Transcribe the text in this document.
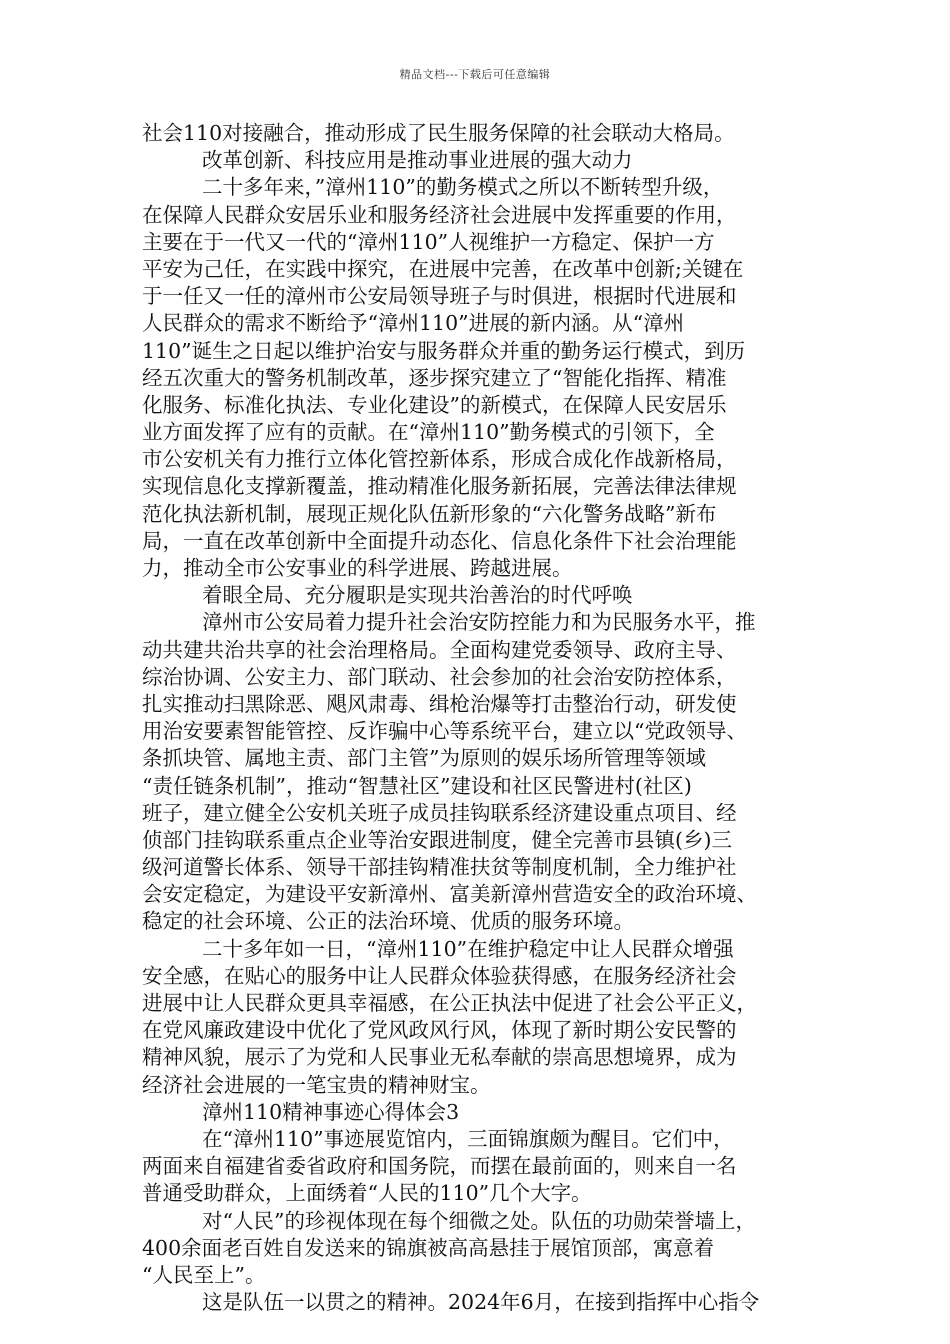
精品文档---下载后可任意编辑
社会110对接融合，推动形成了民生服务保障的社会联动大格局。
改革创新、科技应用是推动事业进展的强大动力
二十多年来，”漳州110”的勤务模式之所以不断转型升级，
在保障人民群众安居乐业和服务经济社会进展中发挥重要的作用，
主要在于一代又一代的“漳州110”人视维护一方稳定、保护一方
平安为己任，在实践中探究，在进展中完善，在改革中创新;关键在
于一任又一任的漳州市公安局领导班子与时俱进，根据时代进展和
人民群众的需求不断给予“漳州110”进展的新内涵。从“漳州
110”诞生之日起以维护治安与服务群众并重的勤务运行模式，到历
经五次重大的警务机制改革，逐步探究建立了“智能化指挥、精准
化服务、标准化执法、专业化建设”的新模式，在保障人民安居乐
业方面发挥了应有的贡献。在“漳州110”勤务模式的引领下，全
市公安机关有力推行立体化管控新体系，形成合成化作战新格局，
实现信息化支撑新覆盖，推动精准化服务新拓展，完善法律法律规
范化执法新机制，展现正规化队伍新形象的“六化警务战略”新布
局，一直在改革创新中全面提升动态化、信息化条件下社会治理能
力，推动全市公安事业的科学进展、跨越进展。
着眼全局、充分履职是实现共治善治的时代呼唤
漳州市公安局着力提升社会治安防控能力和为民服务水平，推
动共建共治共享的社会治理格局。全面构建党委领导、政府主导、
综治协调、公安主力、部门联动、社会参加的社会治安防控体系，
扎实推动扫黑除恶、飓风肃毒、缉枪治爆等打击整治行动，研发使
用治安要素智能管控、反诈骗中心等系统平台，建立以“党政领导、
条抓块管、属地主责、部门主管”为原则的娱乐场所管理等领域
“责任链条机制”，推动“智慧社区”建设和社区民警进村(社区)
班子，建立健全公安机关班子成员挂钩联系经济建设重点项目、经
侦部门挂钩联系重点企业等治安跟进制度，健全完善市县镇(乡)三
级河道警长体系、领导干部挂钩精准扶贫等制度机制，全力维护社
会安定稳定，为建设平安新漳州、富美新漳州营造安全的政治环境、
稳定的社会环境、公正的法治环境、优质的服务环境。
二十多年如一日，“漳州110”在维护稳定中让人民群众增强
安全感，在贴心的服务中让人民群众体验获得感，在服务经济社会
进展中让人民群众更具幸福感，在公正执法中促进了社会公平正义，
在党风廉政建设中优化了党风政风行风，体现了新时期公安民警的
精神风貌，展示了为党和人民事业无私奉献的崇高思想境界，成为
经济社会进展的一笔宝贵的精神财宝。
漳州110精神事迹心得体会3
在“漳州110”事迹展览馆内，三面锦旗颇为醒目。它们中，
两面来自福建省委省政府和国务院，而摆在最前面的，则来自一名
普通受助群众，上面绣着“人民的110”几个大字。
对“人民”的珍视体现在每个细微之处。队伍的功勋荣誉墙上，
400余面老百姓自发送来的锦旗被高高悬挂于展馆顶部，寓意着
“人民至上”。
这是队伍一以贯之的精神。2024年6月，在接到指挥中心指令
